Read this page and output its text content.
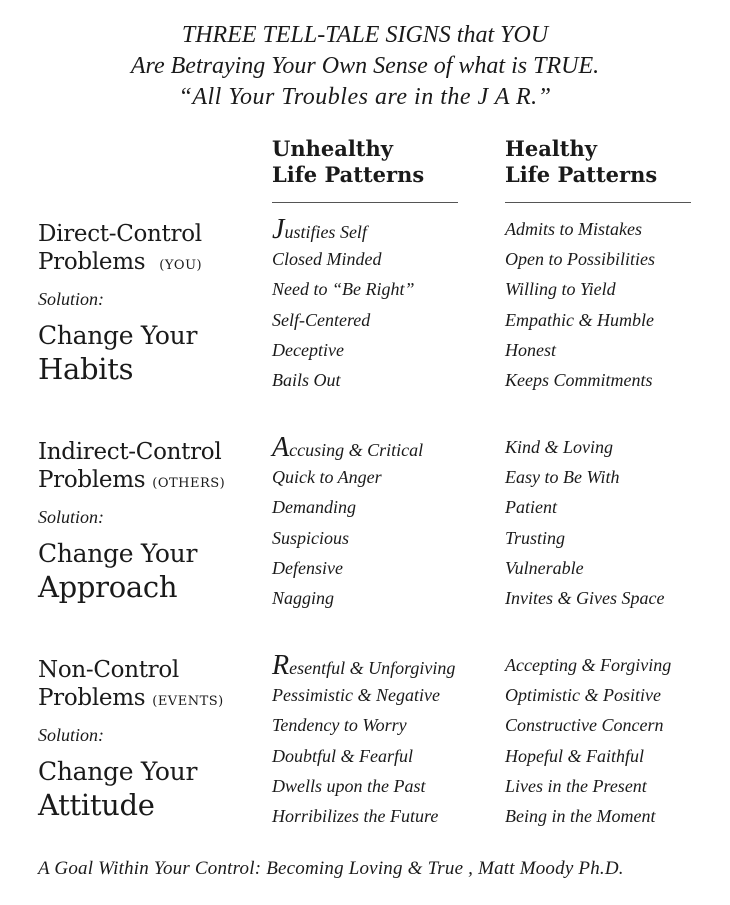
THREE TELL-TALE SIGNS that YOU
Are Betraying Your Own Sense of what is TRUE.
“All Your Troubles are in the J A R.”
Unhealthy
Life Patterns
Healthy
Life Patterns
Direct-Control
Problems (YOU)
Solution:
Change Your
Habits
Justifies Self
Closed Minded
Need to “Be Right”
Self-Centered
Deceptive
Bails Out
Admits to Mistakes
Open to Possibilities
Willing to Yield
Empathic & Humble
Honest
Keeps Commitments
Indirect-Control
Problems (OTHERS)
Solution:
Change Your
Approach
Accusing & Critical
Quick to Anger
Demanding
Suspicious
Defensive
Nagging
Kind & Loving
Easy to Be With
Patient
Trusting
Vulnerable
Invites & Gives Space
Non-Control
Problems (EVENTS)
Solution:
Change Your
Attitude
Resentful & Unforgiving
Pessimistic & Negative
Tendency to Worry
Doubtful & Fearful
Dwells upon the Past
Horribilizes the Future
Accepting & Forgiving
Optimistic & Positive
Constructive Concern
Hopeful & Faithful
Lives in the Present
Being in the Moment
A Goal Within Your Control: Becoming Loving & True , Matt Moody Ph.D.
